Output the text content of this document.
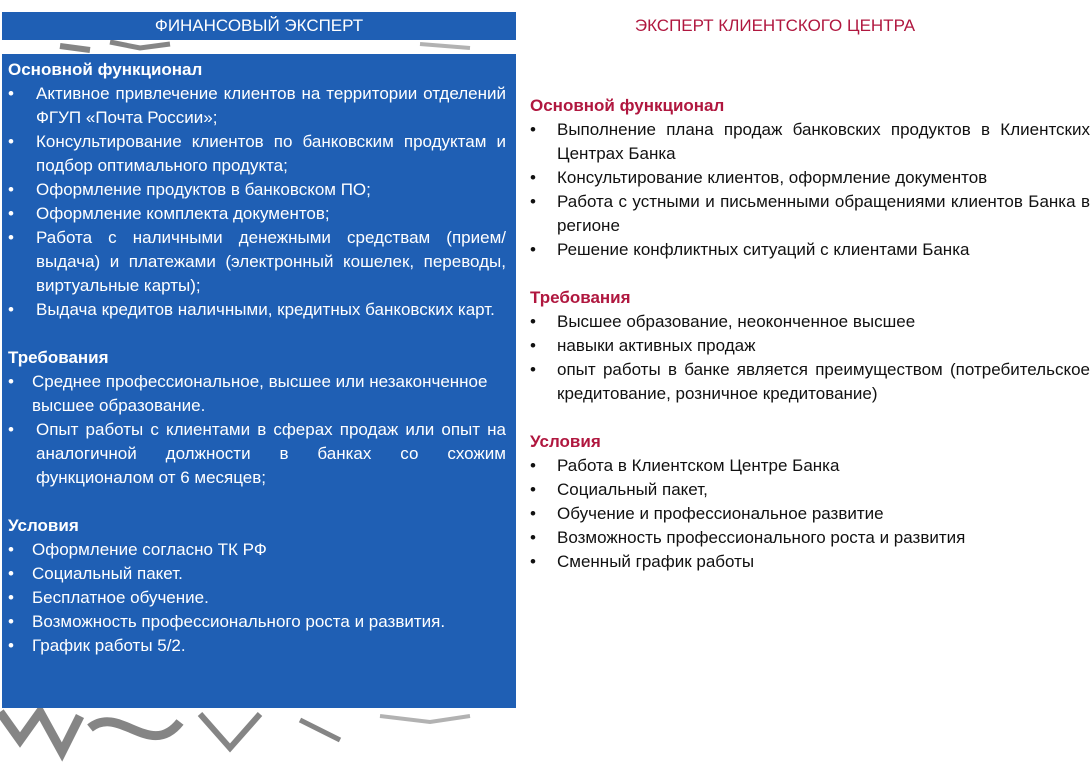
ФИНАНСОВЫЙ ЭКСПЕРТ
Основной функционал
• Активное привлечение клиентов на территории отделений ФГУП «Почта России»;
• Консультирование клиентов по банковским продуктам и подбор оптимального продукта;
• Оформление продуктов в банковском ПО;
• Оформление комплекта документов;
• Работа с наличными денежными средствам (прием/выдача) и платежами (электронный кошелек, переводы, виртуальные карты);
• Выдача кредитов наличными, кредитных банковских карт.
Требования
• Среднее профессиональное, высшее или незаконченное высшее образование.
• Опыт работы с клиентами в сферах продаж или опыт на аналогичной должности в банках со схожим функционалом от 6 месяцев;
Условия
• Оформление согласно ТК РФ
• Социальный пакет.
• Бесплатное обучение.
• Возможность профессионального роста и развития.
• График работы 5/2.
ЭКСПЕРТ КЛИЕНТСКОГО ЦЕНТРА
Основной функционал
• Выполнение плана продаж банковских продуктов в Клиентских Центрах Банка
• Консультирование клиентов, оформление документов
• Работа с устными и письменными обращениями клиентов Банка в регионе
• Решение конфликтных ситуаций с клиентами Банка
Требования
• Высшее образование, неоконченное высшее
• навыки активных продаж
• опыт работы в банке является преимуществом (потребительское кредитование, розничное кредитование)
Условия
• Работа в Клиентском Центре Банка
• Социальный пакет,
• Обучение и профессиональное развитие
• Возможность профессионального роста и развития
• Сменный график работы
